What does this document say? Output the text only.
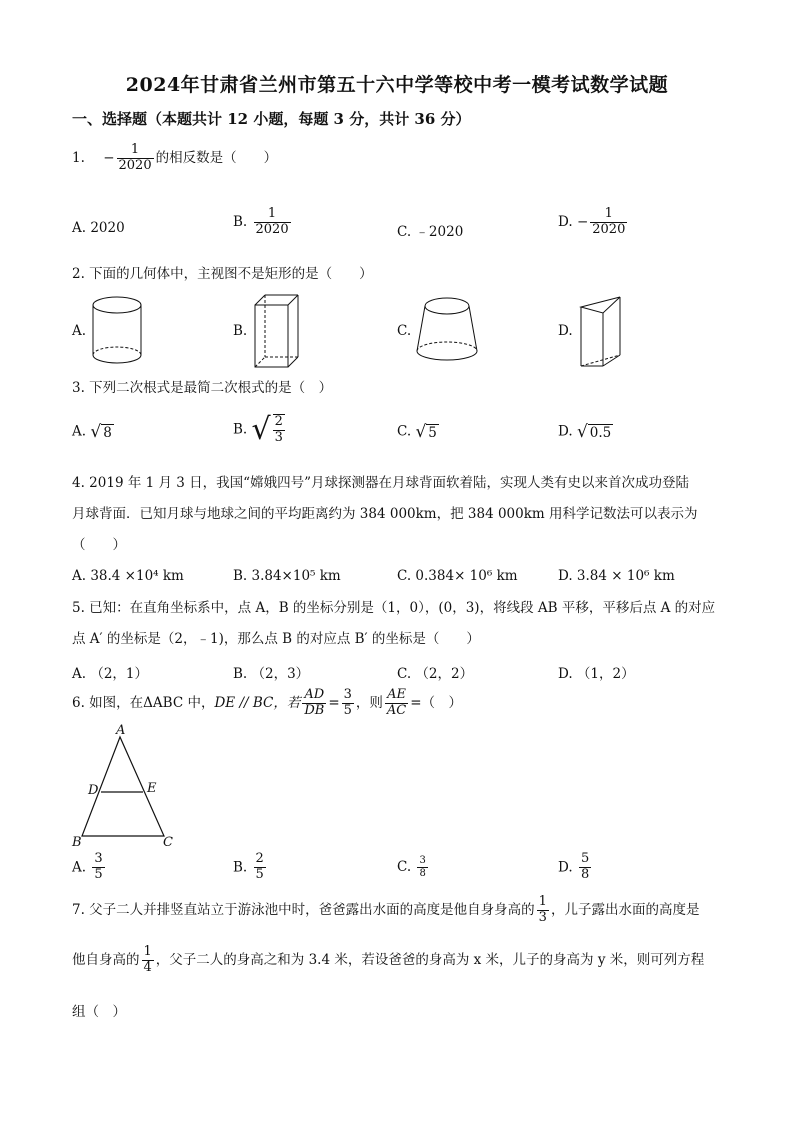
2024年甘肃省兰州市第五十六中学等校中考一模考试数学试题
一、选择题（本题共计 12 小题，每题 3 分，共计 36 分）
1. − $\frac{1}{2020}$ 的相反数是（　　）
A. 2020	B. $\frac{1}{2020}$	C. ﹣2020
D. − $\frac{1}{2020}$
2. 下面的几何体中，主视图不是矩形的是（　　）
A.	B.	C.	D.
3. 下列二次根式是最简二次根式的是（　）
A. √ 8	B. √ $\frac{2}{3}$	C. √ 5	D. √ 0.5
4. 2019 年 1 月 3 日，我国“嫦娥四号”月球探测器在月球背面软着陆，实现人类有史以来首次成功登陆
月球背面．已知月球与地球之间的平均距离约为 384 000km，把 384 000km 用科学记数法可以表示为
（　　）
A. 38.4 ×10⁴ km	B. 3.84×10⁵ km	C. 0.384× 10⁶ km	D. 3.84 × 10⁶ km
5. 已知：在直角坐标系中，点 A，B 的坐标分别是（1，0），(0，3)，将线段 AB 平移，平移后点 A 的对应
点 A′ 的坐标是（2，﹣1)，那么点 B 的对应点 B′ 的坐标是（　　）
A. （2，1）	B. （2，3）	C. （2，2）	D. （1，2）
6. 如图，在ΔABC 中，DE // BC，若 $\frac{AD}{DB} = \frac{3}{5}$ ，则 $\frac{AE}{AC}$ =（　）
A
B	C
D	E
A. $\frac{3}{5}$	B. $\frac{2}{5}$	C. $\frac{3}{8}$	D. $\frac{5}{8}$
7. 父子二人并排竖直站立于游泳池中时，爸爸露出水面的高度是他自身身高的 $\frac{1}{3}$ ，儿子露出水面的高度是
他自身高的 $\frac{1}{4}$ ，父子二人的身高之和为 3.4 米，若设爸爸的身高为 x 米，儿子的身高为 y 米，则可列方程
组（　）
